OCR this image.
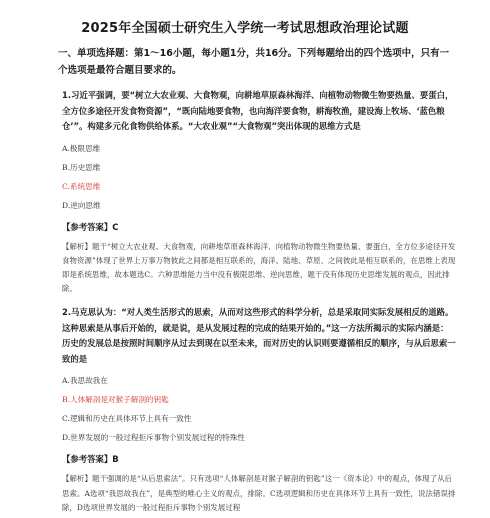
2025年全国硕士研究生入学统一考试思想政治理论试题
一、单项选择题：第1～16小题，每小题1分，共16分。下列每题给出的四个选项中，只有一个选项是最符合题目要求的。
1.习近平强调，要“树立大农业观、大食物观，向耕地草原森林海洋、向植物动物微生物要热量、要蛋白，全方位多途径开发食物资源”，“既向陆地要食物，也向海洋要食物，耕海牧渔，建设海上牧场、‘蓝色粮仓’”。构建多元化食物供给体系。“大农业观”“大食物观”突出体现的思维方式是
A.极限思维
B.历史思维
C.系统思维
D.逆向思维
【参考答案】C
【解析】题干“树立大农业观、大食物观，向耕地草原森林海洋、向植物动物微生物要热量、要蛋白，全方位多途径开发食物资源”体现了世界上万事万物彼此之间都是相互联系的，海洋、陆地、草原、之间彼此是相互联系的，在思维上表现即是系统思维，故本题选C。六种思维能力当中没有极限思维、逆向思维，题干没有体现历史思维发展的观点，因此排除。
2.马克思认为：“对人类生活形式的思索，从而对这些形式的科学分析，总是采取同实际发展相反的道路。这种思索是从事后开始的，就是说，是从发展过程的完成的结果开始的。”这一方法所揭示的实际内涵是：历史的发展总是按照时间顺序从过去到现在以至未来，而对历史的认识则要遵循相反的顺序，与从后思索一致的是
A.我思故我在
B.人体解剖是对猴子解剖的钥匙
C.逻辑和历史在具体环节上具有一致性
D.世界发展的一般过程拒斥事物个别发展过程的特殊性
【参考答案】B
【解析】题干强调的是“从后思索法”。只有选项“人体解剖是对猴子解剖的钥匙”这一《资本论》中的观点，体现了从后思索。A选项“我思故我在”，是典型的唯心主义的观点，排除。C选项逻辑和历史在具体环节上具有一致性，说法错误排除，D选项世界发展的一般过程拒斥事物个别发展过程
